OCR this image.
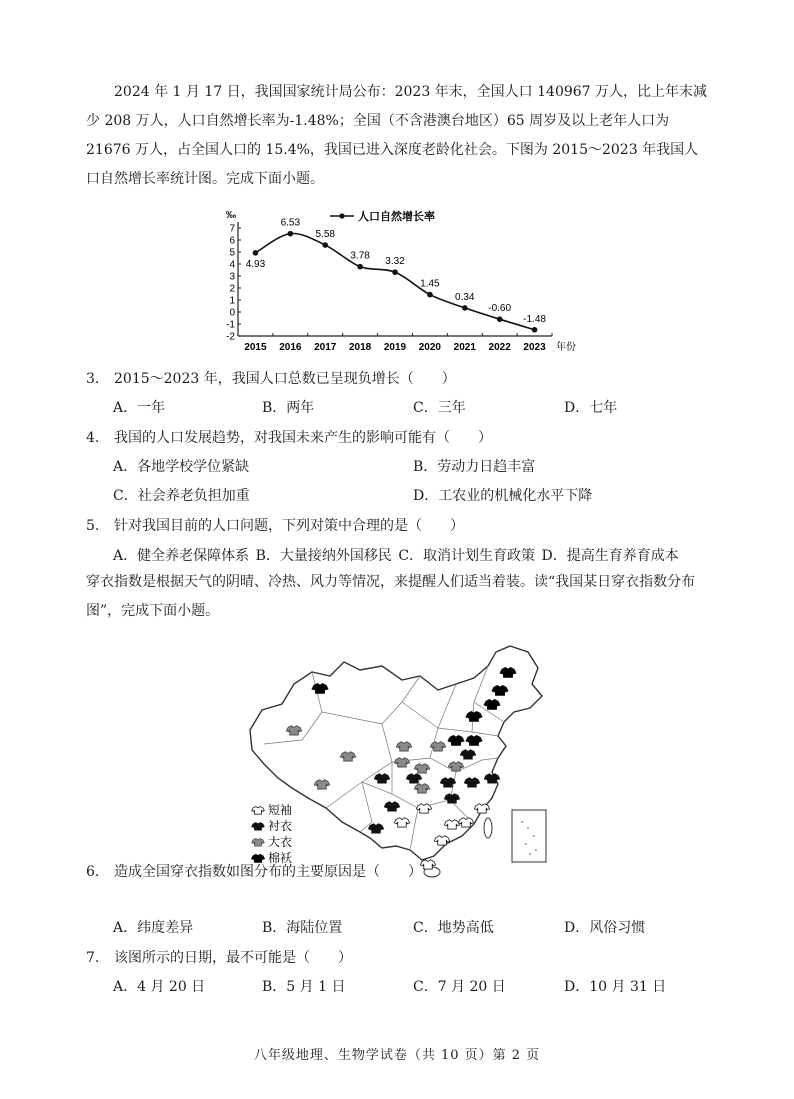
2024 年 1 月 17 日，我国国家统计局公布：2023 年末，全国人口 140967 万人，比上年末减少 208 万人，人口自然增长率为-1.48%；全国（不含港澳台地区）65 周岁及以上老年人口为 21676 万人，占全国人口的 15.4%，我国已进入深度老龄化社会。下图为 2015～2023 年我国人口自然增长率统计图。完成下面小题。

‰
7
6
5
4
3
2
1
0
-1
-2
2015 2016 2017 2018 2019 2020 2021 2022 2023 年份
人口自然增长率
4.93
6.53
5.58
3.78
3.32
1.45
0.34
-0.60
-1.48
3. 2015～2023 年，我国人口总数已呈现负增长（　　）
A．一年	B．两年	C．三年	D．七年
4. 我国的人口发展趋势，对我国未来产生的影响可能有（　　）
A．各地学校学位紧缺	B．劳动力日趋丰富
C．社会养老负担加重	D．工农业的机械化水平下降
5. 针对我国目前的人口问题，下列对策中合理的是（　　）
A．健全养老保障体系 B．大量接纳外国移民 C．取消计划生育政策 D．提高生育养育成本

穿衣指数是根据天气的阴晴、冷热、风力等情况，来提醒人们适当着装。读“我国某日穿衣指数分布图”，完成下面小题。

短袖
衬衣
大衣
棉袄
6. 造成全国穿衣指数如图分布的主要原因是（　　）
A．纬度差异	B．海陆位置	C．地势高低	D．风俗习惯
7. 该图所示的日期，最不可能是（　　）
A．4 月 20 日	B．5 月 1 日	C．7 月 20 日	D．10 月 31 日
八年级地理、生物学试卷（共 10 页）第 2 页
